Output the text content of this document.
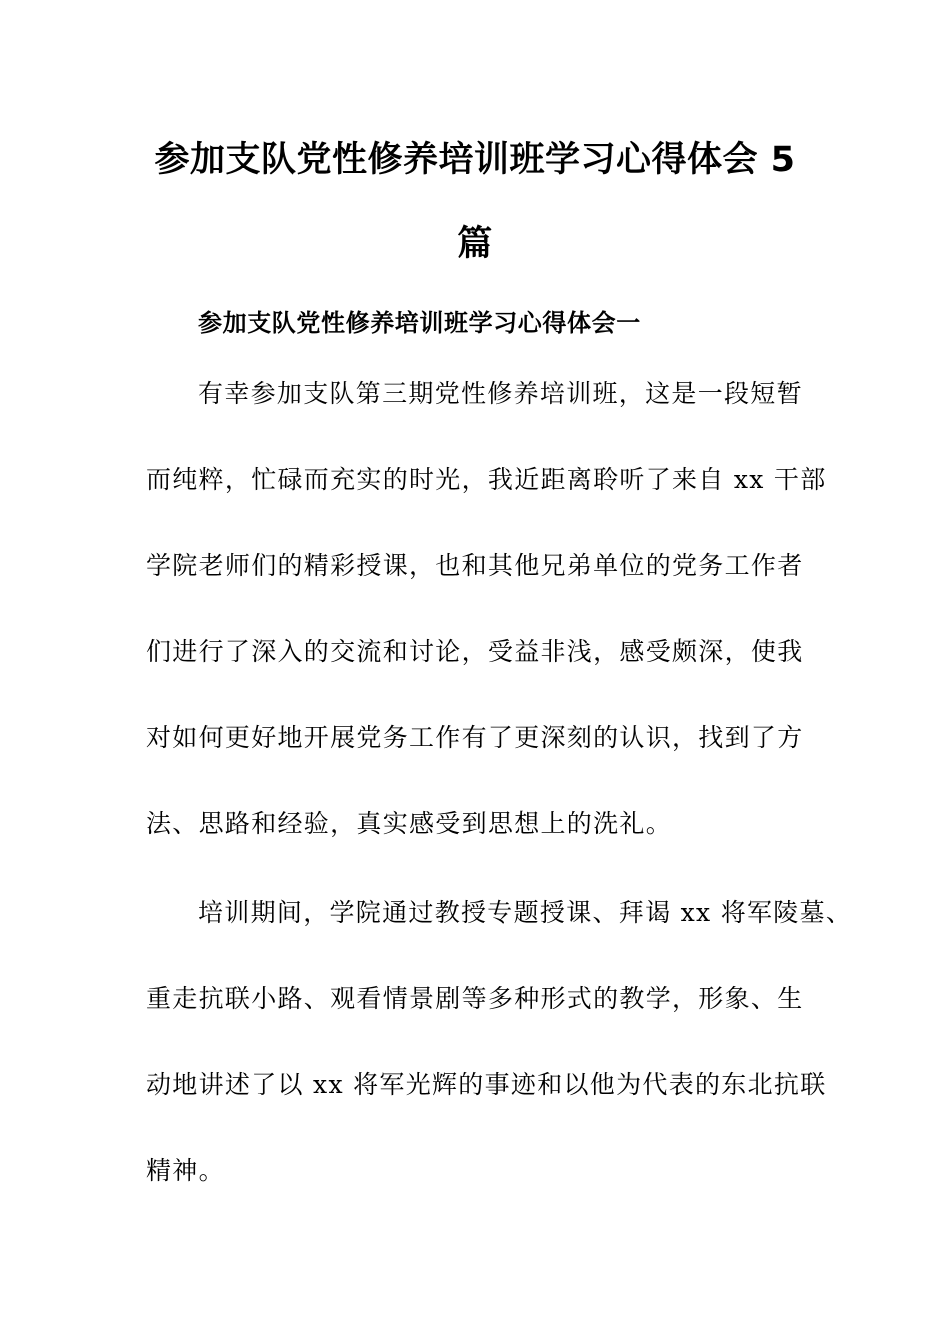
参加支队党性修养培训班学习心得体会 5
篇
参加支队党性修养培训班学习心得体会一
有幸参加支队第三期党性修养培训班，这是一段短暂
而纯粹，忙碌而充实的时光，我近距离聆听了来自 xx 干部
学院老师们的精彩授课，也和其他兄弟单位的党务工作者
们进行了深入的交流和讨论，受益非浅，感受颇深，使我
对如何更好地开展党务工作有了更深刻的认识，找到了方
法、思路和经验，真实感受到思想上的洗礼。
培训期间，学院通过教授专题授课、拜谒 xx 将军陵墓、
重走抗联小路、观看情景剧等多种形式的教学，形象、生
动地讲述了以 xx 将军光辉的事迹和以他为代表的东北抗联
精神。
